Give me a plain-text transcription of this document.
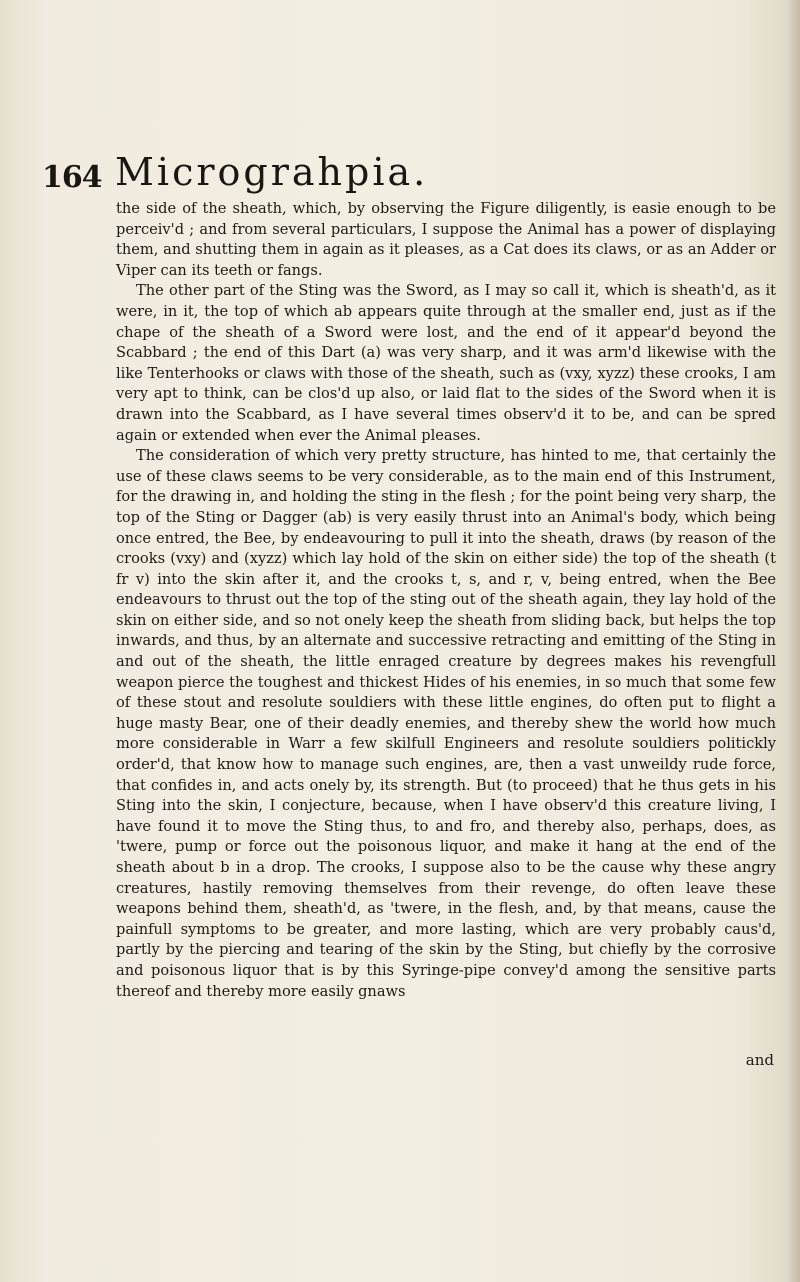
164 Micrograhpia.

the side of the sheath, which, by observing the Figure diligently, is easie enough to be perceiv'd ; and from several particulars, I suppose the Animal has a power of displaying them, and shutting them in again as it pleases, as a Cat does its claws, or as an Adder or Viper can its teeth or fangs.

The other part of the Sting was the Sword, as I may so call it, which is sheath'd, as it were, in it, the top of which ab appears quite through at the smaller end, just as if the chape of the sheath of a Sword were lost, and the end of it appear'd beyond the Scabbard ; the end of this Dart (a) was very sharp, and it was arm'd likewise with the like Tenterhooks or claws with those of the sheath, such as (vxy, xyzz) these crooks, I am very apt to think, can be clos'd up also, or laid flat to the sides of the Sword when it is drawn into the Scabbard, as I have several times observ'd it to be, and can be spred again or extended when ever the Animal pleases.

The consideration of which very pretty structure, has hinted to me, that certainly the use of these claws seems to be very considerable, as to the main end of this Instrument, for the drawing in, and holding the sting in the flesh ; for the point being very sharp, the top of the Sting or Dagger (ab) is very easily thrust into an Animal's body, which being once entred, the Bee, by endeavouring to pull it into the sheath, draws (by reason of the crooks (vxy) and (xyzz) which lay hold of the skin on either side) the top of the sheath (t fr v) into the skin after it, and the crooks t, s, and r, v, being entred, when the Bee endeavours to thrust out the top of the sting out of the sheath again, they lay hold of the skin on either side, and so not onely keep the sheath from sliding back, but helps the top inwards, and thus, by an alternate and successive retracting and emitting of the Sting in and out of the sheath, the little enraged creature by degrees makes his revengfull weapon pierce the toughest and thickest Hides of his enemies, in so much that some few of these stout and resolute souldiers with these little engines, do often put to flight a huge masty Bear, one of their deadly enemies, and thereby shew the world how much more considerable in Warr a few skilfull Engineers and resolute souldiers politickly order'd, that know how to manage such engines, are, then a vast unweildy rude force, that confides in, and acts onely by, its strength. But (to proceed) that he thus gets in his Sting into the skin, I conjecture, because, when I have observ'd this creature living, I have found it to move the Sting thus, to and fro, and thereby also, perhaps, does, as 'twere, pump or force out the poisonous liquor, and make it hang at the end of the sheath about b in a drop. The crooks, I suppose also to be the cause why these angry creatures, hastily removing themselves from their revenge, do often leave these weapons behind them, sheath'd, as 'twere, in the flesh, and, by that means, cause the painfull symptoms to be greater, and more lasting, which are very probably caus'd, partly by the piercing and tearing of the skin by the Sting, but chiefly by the corrosive and poisonous liquor that is by this Syringe-pipe convey'd among the sensitive parts thereof and thereby more easily gnaws

and
